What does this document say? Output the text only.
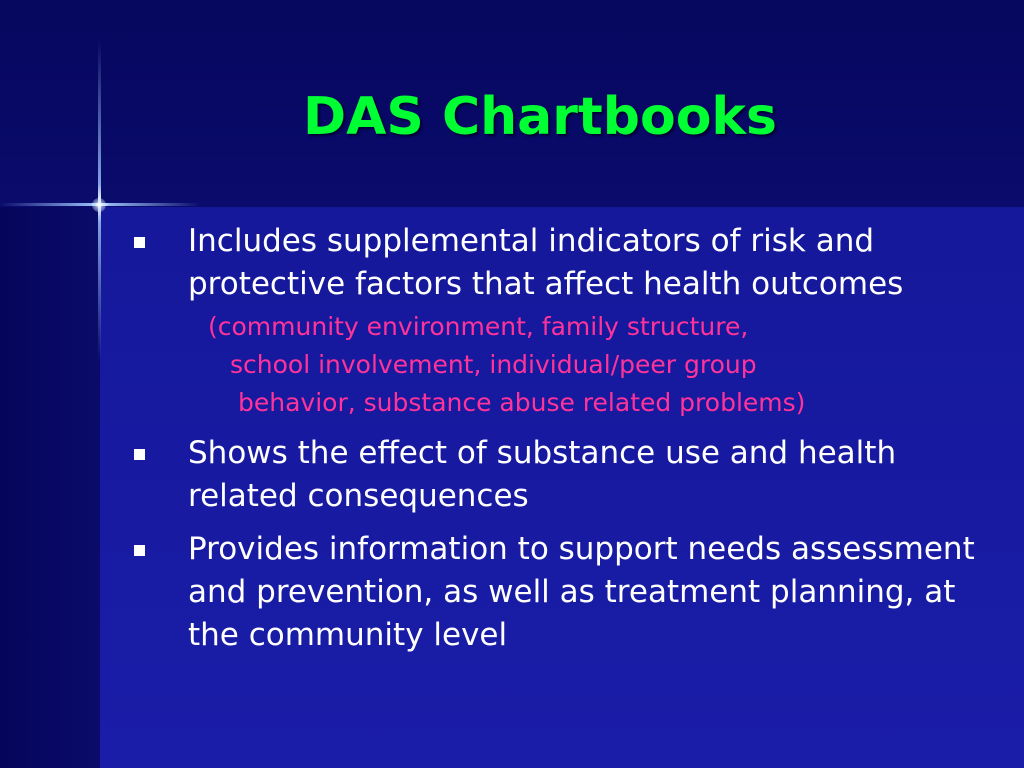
DAS Chartbooks
Includes supplemental indicators of risk and protective factors that affect health outcomes
(community environment, family structure,
school involvement, individual/peer group
behavior, substance abuse related problems)
Shows the effect of substance use and health related consequences
Provides information to support needs assessment and prevention, as well as treatment planning, at the community level
